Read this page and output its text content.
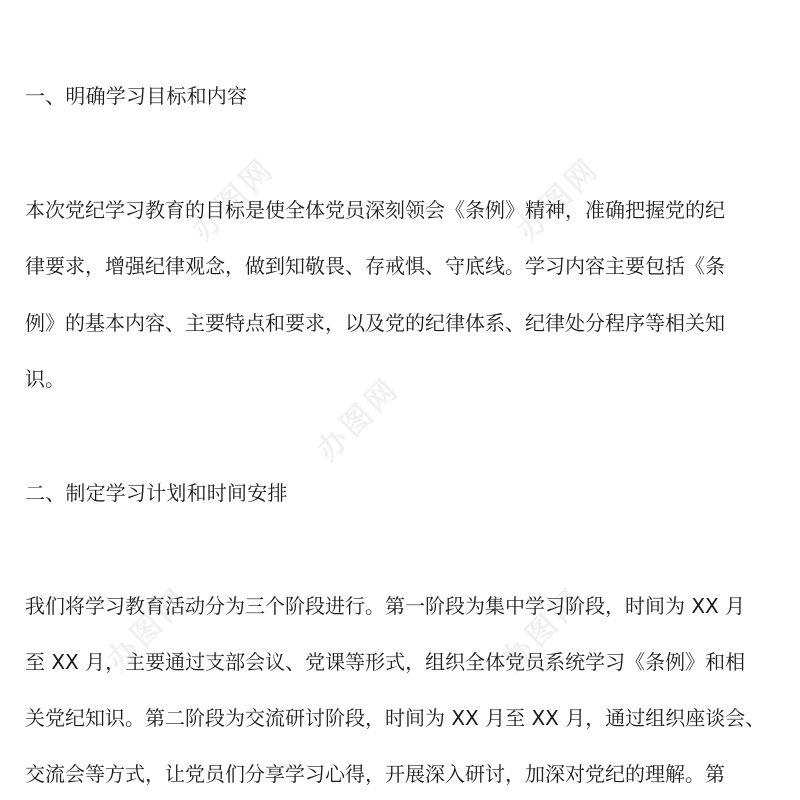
办图网	办图网
办图网
办图网	办图网
一、明确学习目标和内容
本次党纪学习教育的目标是使全体党员深刻领会《条例》精神，准确把握党的纪
律要求，增强纪律观念，做到知敬畏、存戒惧、守底线。学习内容主要包括《条
例》的基本内容、主要特点和要求，以及党的纪律体系、纪律处分程序等相关知
识。
二、制定学习计划和时间安排
我们将学习教育活动分为三个阶段进行。第一阶段为集中学习阶段，时间为 XX 月
至 XX 月，主要通过支部会议、党课等形式，组织全体党员系统学习《条例》和相
关党纪知识。第二阶段为交流研讨阶段，时间为 XX 月至 XX 月，通过组织座谈会、
交流会等方式，让党员们分享学习心得，开展深入研讨，加深对党纪的理解。第
